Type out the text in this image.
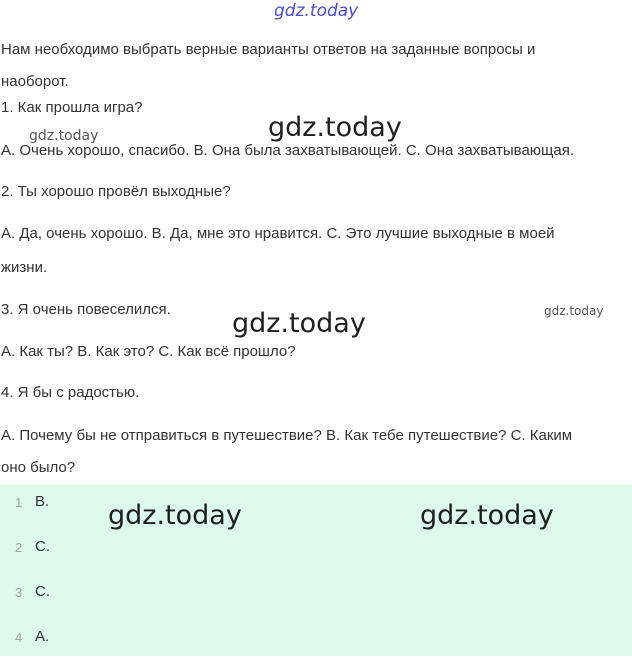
gdz.today

Нам необходимо выбрать верные варианты ответов на заданные вопросы и

наоборот.

1. Как прошла игра?

A. Очень хорошо, спасибо. B. Она была захватывающей. C. Она захватывающая.

2. Ты хорошо провёл выходные?

A. Да, очень хорошо. B. Да, мне это нравится. C. Это лучшие выходные в моей

жизни.

3. Я очень повеселился.

A. Как ты? B. Как это? C. Как всё прошло?

4. Я бы с радостью.

A. Почему бы не отправиться в путешествие? B. Как тебе путешествие? C. Каким

оно было?

1 B.
2 C.
3 C.
4 A.
gdz.today
gdz.today
gdz.today	gdz.today
gdz.today	gdz.today
